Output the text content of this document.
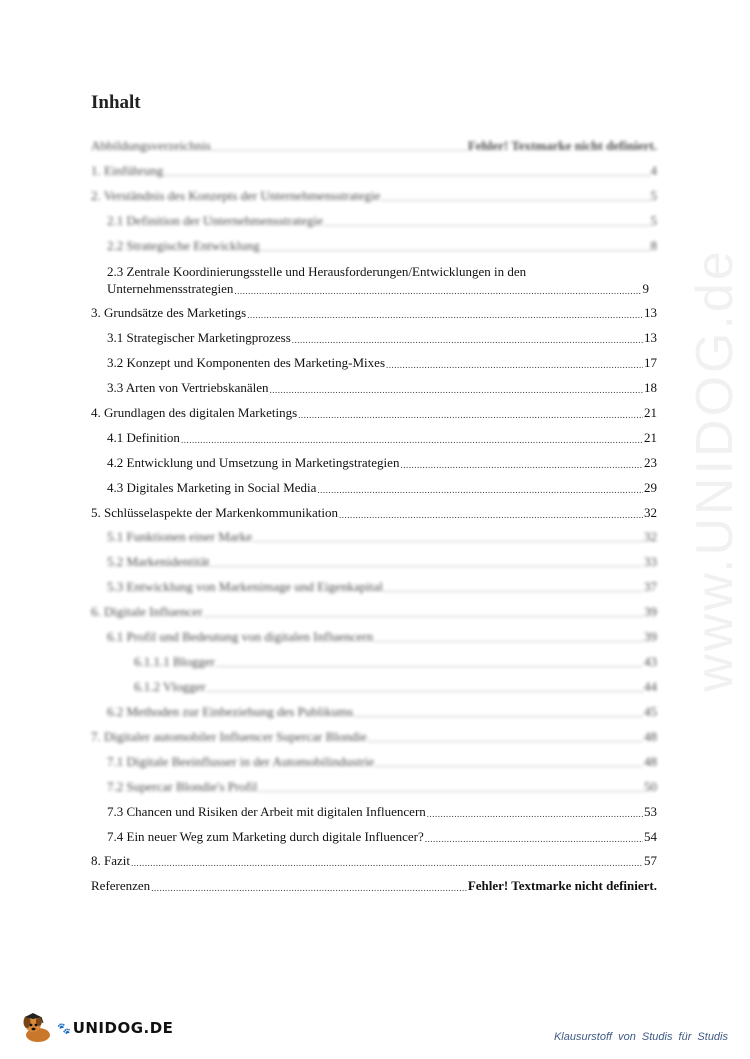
www.UNIDOG.de
Inhalt
Abbildungsverzeichnis .....	Fehler! Textmarke nicht definiert.
1. Einführung .....	4
2. Verständnis des Konzepts der Unternehmensstrategie .....	5
2.1 Definition der Unternehmensstrategie .....	5
2.2 Strategische Entwicklung .....	8
2.3 Zentrale Koordinierungsstelle und Herausforderungen/Entwicklungen in den
Unternehmensstrategien .....	9
3. Grundsätze des Marketings .....	13
3.1 Strategischer Marketingprozess .....	13
3.2 Konzept und Komponenten des Marketing-Mixes .....	17
3.3 Arten von Vertriebskanälen .....	18
4. Grundlagen des digitalen Marketings .....	21
4.1 Definition .....	21
4.2 Entwicklung und Umsetzung in Marketingstrategien .....	23
4.3 Digitales Marketing in Social Media .....	29
5. Schlüsselaspekte der Markenkommunikation .....	32
5.1 Funktionen einer Marke .....	32
5.2 Markenidentität .....	33
5.3 Entwicklung von Markenimage und Eigenkapital .....	37
6. Digitale Influencer .....	39
6.1 Profil und Bedeutung von digitalen Influencern .....	39
6.1.1.1 Blogger .....	43
6.1.2 Vlogger .....	44
6.2 Methoden zur Einbeziehung des Publikums .....	45
7. Digitaler automobiler Influencer Supercar Blondie .....	48
7.1 Digitale Beeinflusser in der Automobilindustrie .....	48
7.2 Supercar Blondie's Profil .....	50
7.3 Chancen und Risiken der Arbeit mit digitalen Influencern .....	53
7.4 Ein neuer Weg zum Marketing durch digitale Influencer? .....	54
8. Fazit .....	57
Referenzen .....	Fehler! Textmarke nicht definiert.
🐾 UNIDOG.DE	Klausurstoff von Studis für Studis
